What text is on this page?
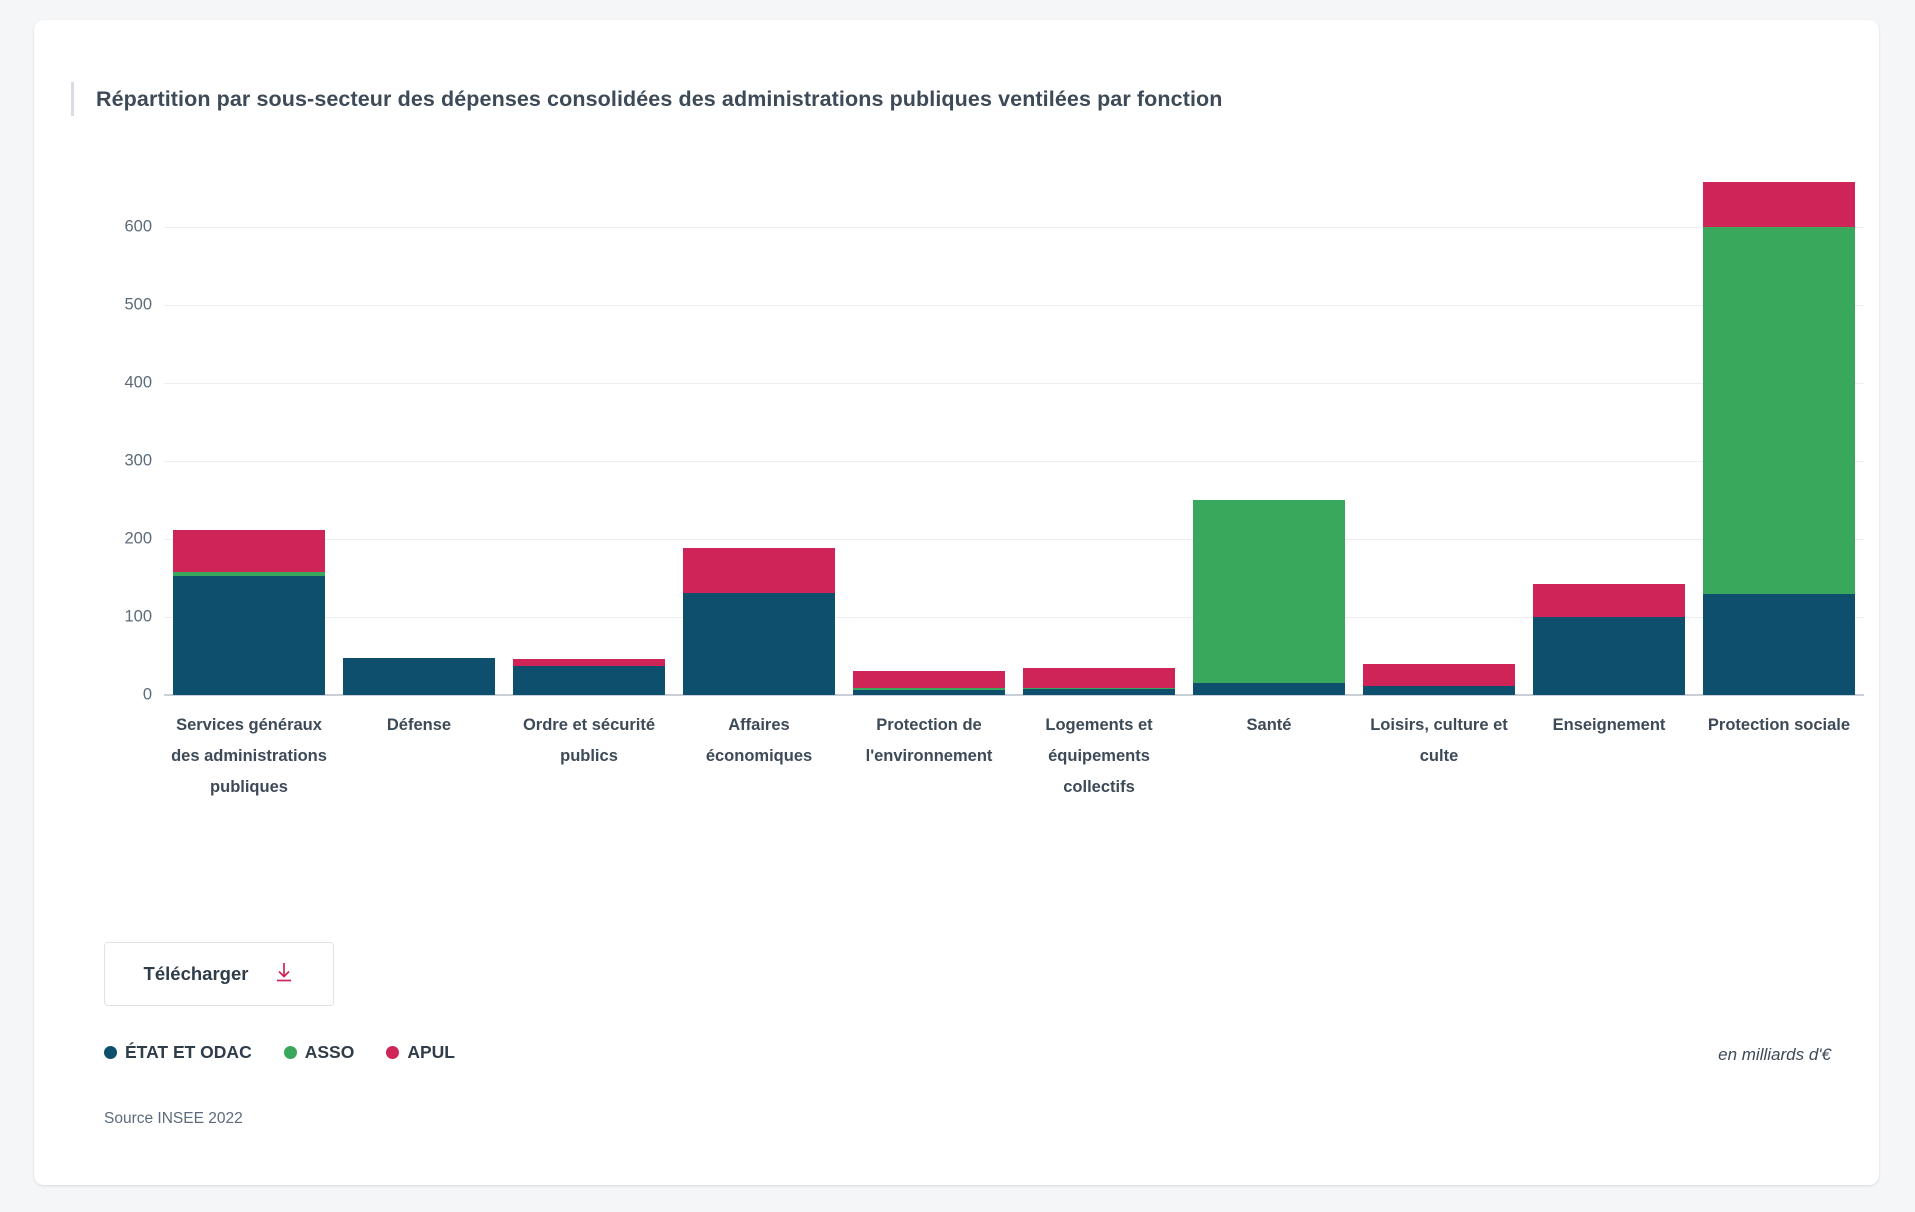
Répartition par sous-secteur des dépenses consolidées des administrations publiques ventilées par fonction
0
100
200
300
400
500
600
Services généraux des administrations publiques
Défense	Ordre et sécurité publics
Affaires économiques
Protection de l'environnement
Logements et équipements collectifs
Santé	Loisirs, culture et culte
Enseignement	Protection sociale
Télécharger
ÉTAT ET ODAC	ASSO	APUL	en milliards d'€
Source INSEE 2022
